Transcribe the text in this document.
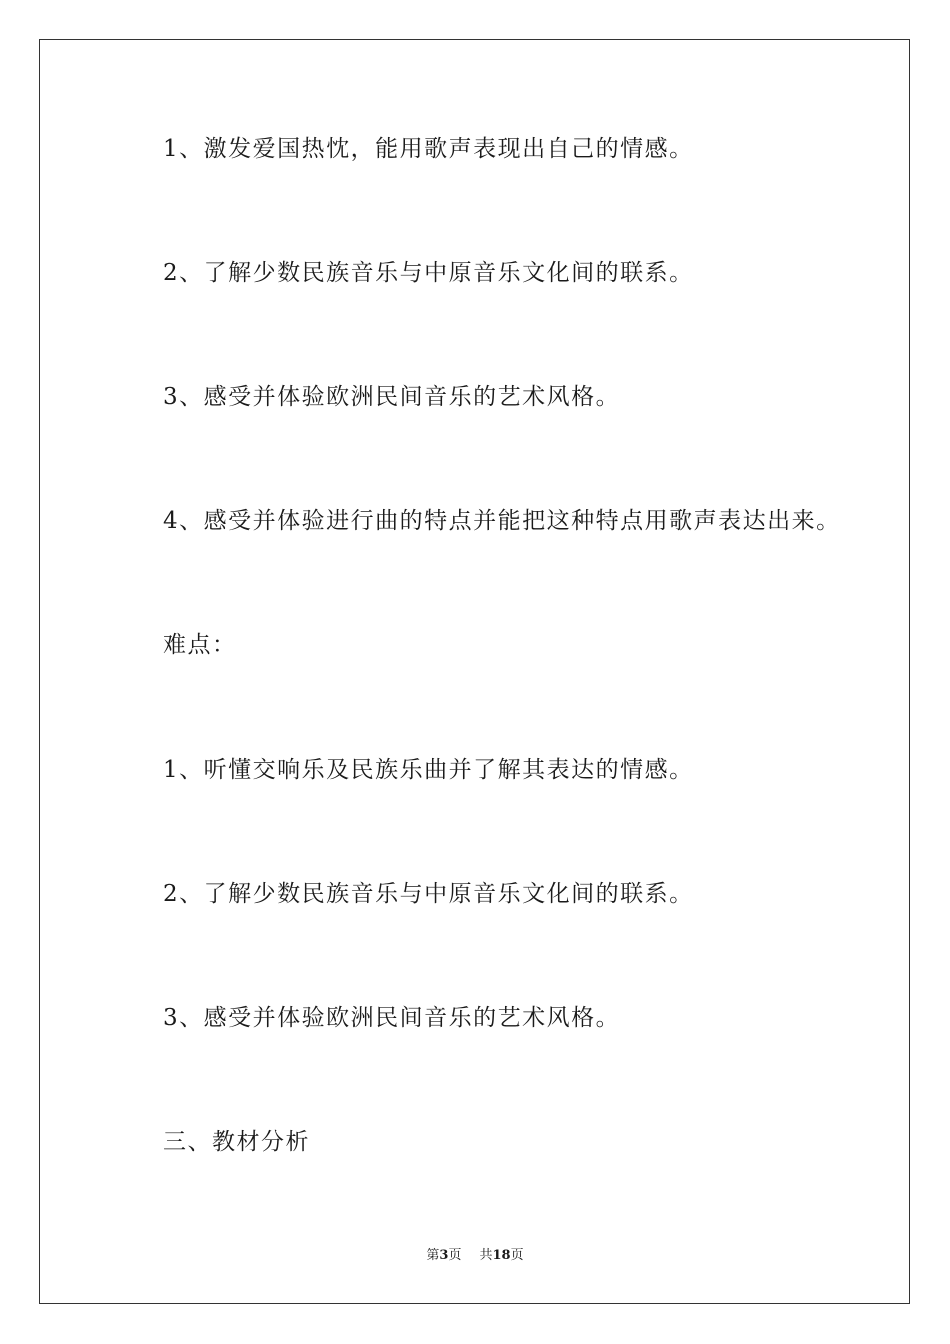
1、激发爱国热忱，能用歌声表现出自己的情感。
2、了解少数民族音乐与中原音乐文化间的联系。
3、感受并体验欧洲民间音乐的艺术风格。
4、感受并体验进行曲的特点并能把这种特点用歌声表达出来。
难点：
1、听懂交响乐及民族乐曲并了解其表达的情感。
2、了解少数民族音乐与中原音乐文化间的联系。
3、感受并体验欧洲民间音乐的艺术风格。
三、教材分析
第3页 共18页
